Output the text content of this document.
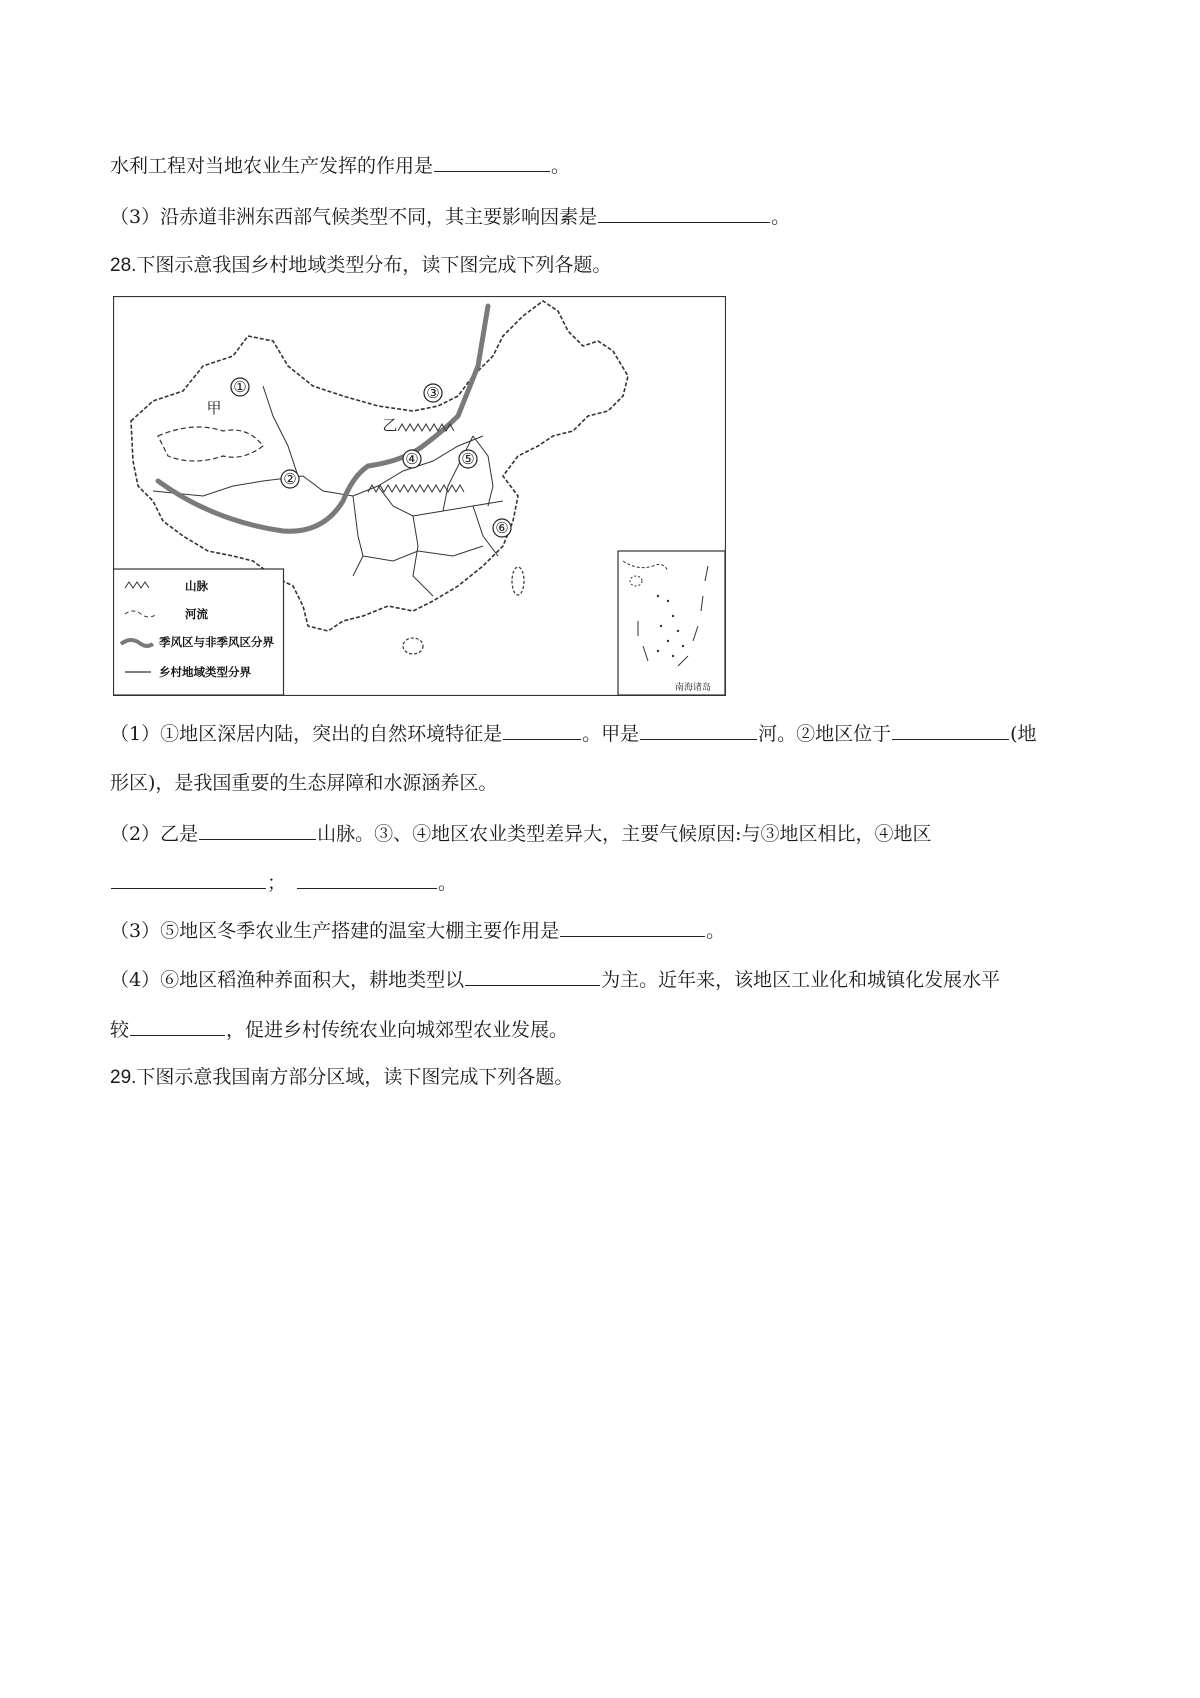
水利工程对当地农业生产发挥的作用是	。
（3）沿赤道非洲东西部气候类型不同，其主要影响因素是	。
28.下图示意我国乡村地域类型分布，读下图完成下列各题。
①
②
③
④	⑤
⑥
甲
乙
山脉
河流
季风区与非季风区分界
乡村地域类型分界
南海诸岛
（1）①地区深居内陆，突出的自然环境特征是	。甲是	河。②地区位于	(地
形区)，是我国重要的生态屏障和水源涵养区。
（2）乙是	山脉。③、④地区农业类型差异大，主要气候原因:与③地区相比，④地区
；	。
（3）⑤地区冬季农业生产搭建的温室大棚主要作用是	。
（4）⑥地区稻渔种养面积大，耕地类型以	为主。近年来，该地区工业化和城镇化发展水平
较	，促进乡村传统农业向城郊型农业发展。
29.下图示意我国南方部分区域，读下图完成下列各题。
